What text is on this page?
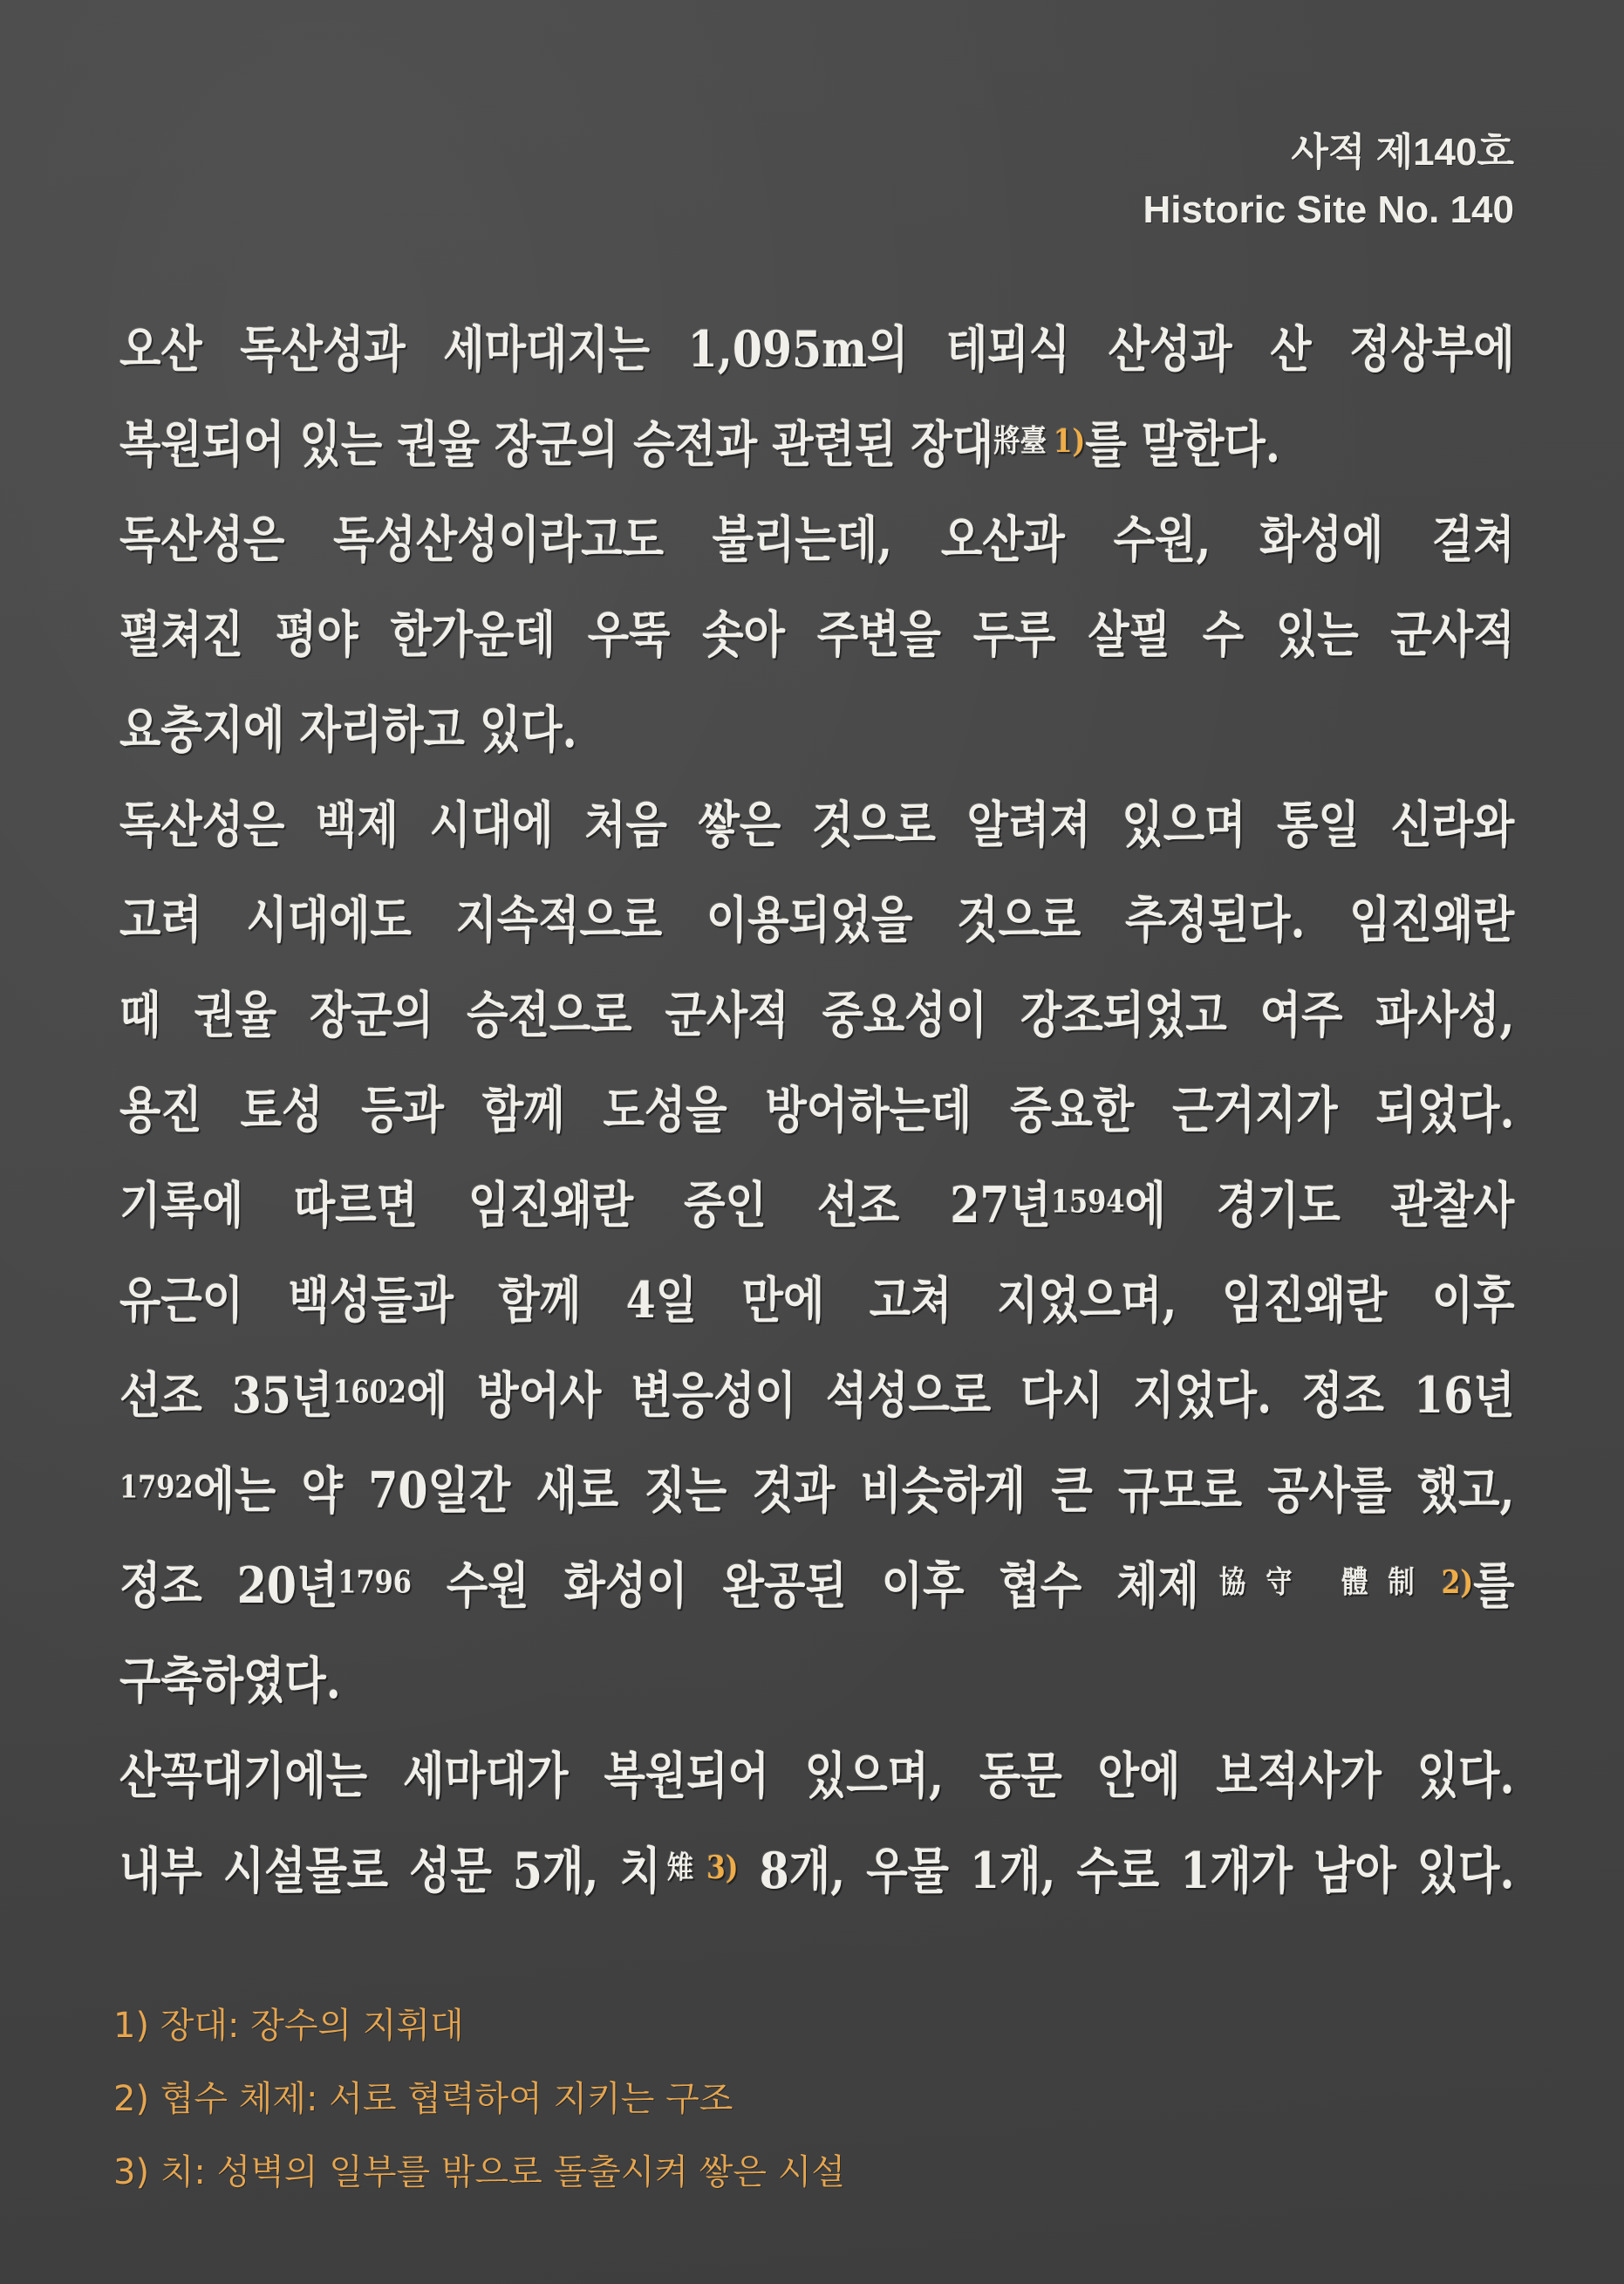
사적 제140호
Historic Site No. 140
오산 독산성과 세마대지는 1,095m의 테뫼식 산성과 산 정상부에
복원되어 있는 권율 장군의 승전과 관련된 장대將臺 1)를 말한다.
독산성은 독성산성이라고도 불리는데, 오산과 수원, 화성에 걸쳐
펼쳐진 평야 한가운데 우뚝 솟아 주변을 두루 살필 수 있는 군사적
요충지에 자리하고 있다.
독산성은 백제 시대에 처음 쌓은 것으로 알려져 있으며 통일 신라와
고려 시대에도 지속적으로 이용되었을 것으로 추정된다. 임진왜란
때 권율 장군의 승전으로 군사적 중요성이 강조되었고 여주 파사성,
용진 토성 등과 함께 도성을 방어하는데 중요한 근거지가 되었다.
기록에 따르면 임진왜란 중인 선조 27년1594에 경기도 관찰사
유근이 백성들과 함께 4일 만에 고쳐 지었으며, 임진왜란 이후
선조 35년1602에 방어사 변응성이 석성으로 다시 지었다. 정조 16년
1792에는 약 70일간 새로 짓는 것과 비슷하게 큰 규모로 공사를 했고,
정조 20년1796 수원 화성이 완공된 이후 협수 체제協守 體制 2)를
구축하였다.
산꼭대기에는 세마대가 복원되어 있으며, 동문 안에 보적사가 있다.
내부 시설물로 성문 5개, 치雉 3) 8개, 우물 1개, 수로 1개가 남아 있다.
1) 장대: 장수의 지휘대
2) 협수 체제: 서로 협력하여 지키는 구조
3) 치: 성벽의 일부를 밖으로 돌출시켜 쌓은 시설
